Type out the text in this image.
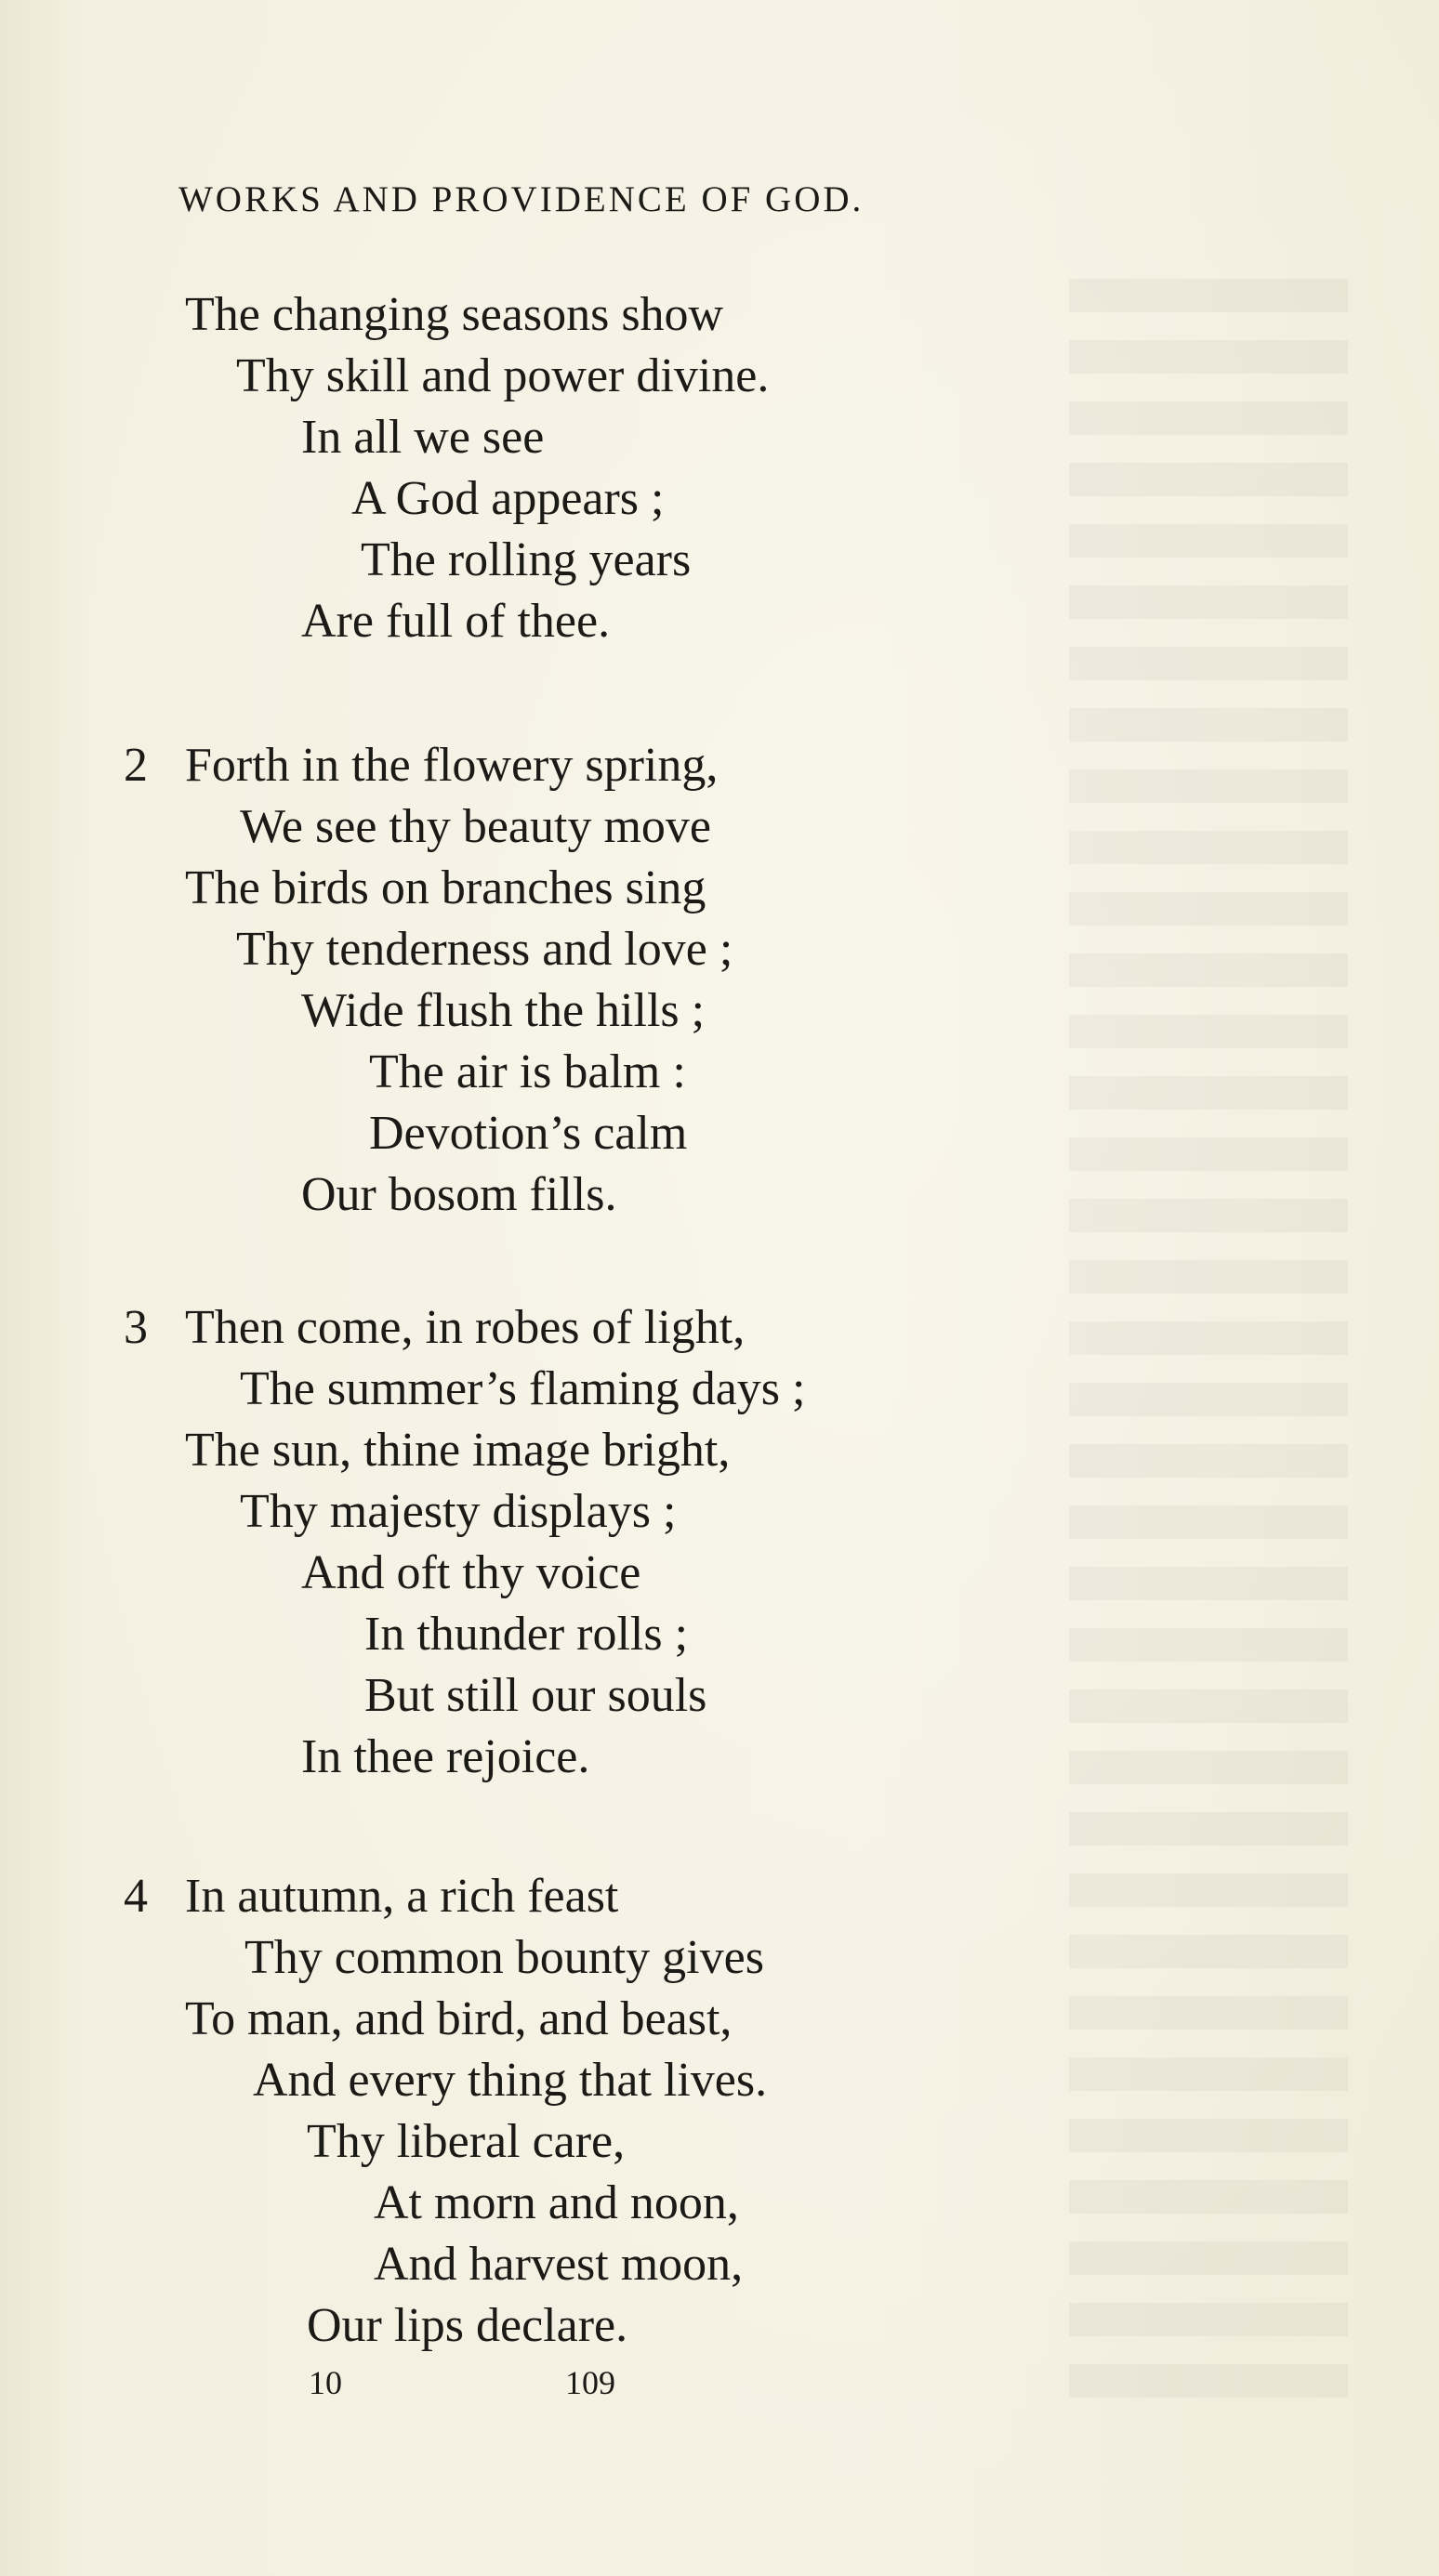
WORKS AND PROVIDENCE OF GOD.
The changing seasons show
Thy skill and power divine.
In all we see
A God appears ;
The rolling years
Are full of thee.
2 Forth in the flowery spring,
We see thy beauty move
The birds on branches sing
Thy tenderness and love ;
Wide flush the hills ;
The air is balm :
Devotion’s calm
Our bosom fills.
3 Then come, in robes of light,
The summer’s flaming days ;
The sun, thine image bright,
Thy majesty displays ;
And oft thy voice
In thunder rolls ;
But still our souls
In thee rejoice.
4 In autumn, a rich feast
Thy common bounty gives
To man, and bird, and beast,
And every thing that lives.
Thy liberal care,
At morn and noon,
And harvest moon,
Our lips declare.
10	109
